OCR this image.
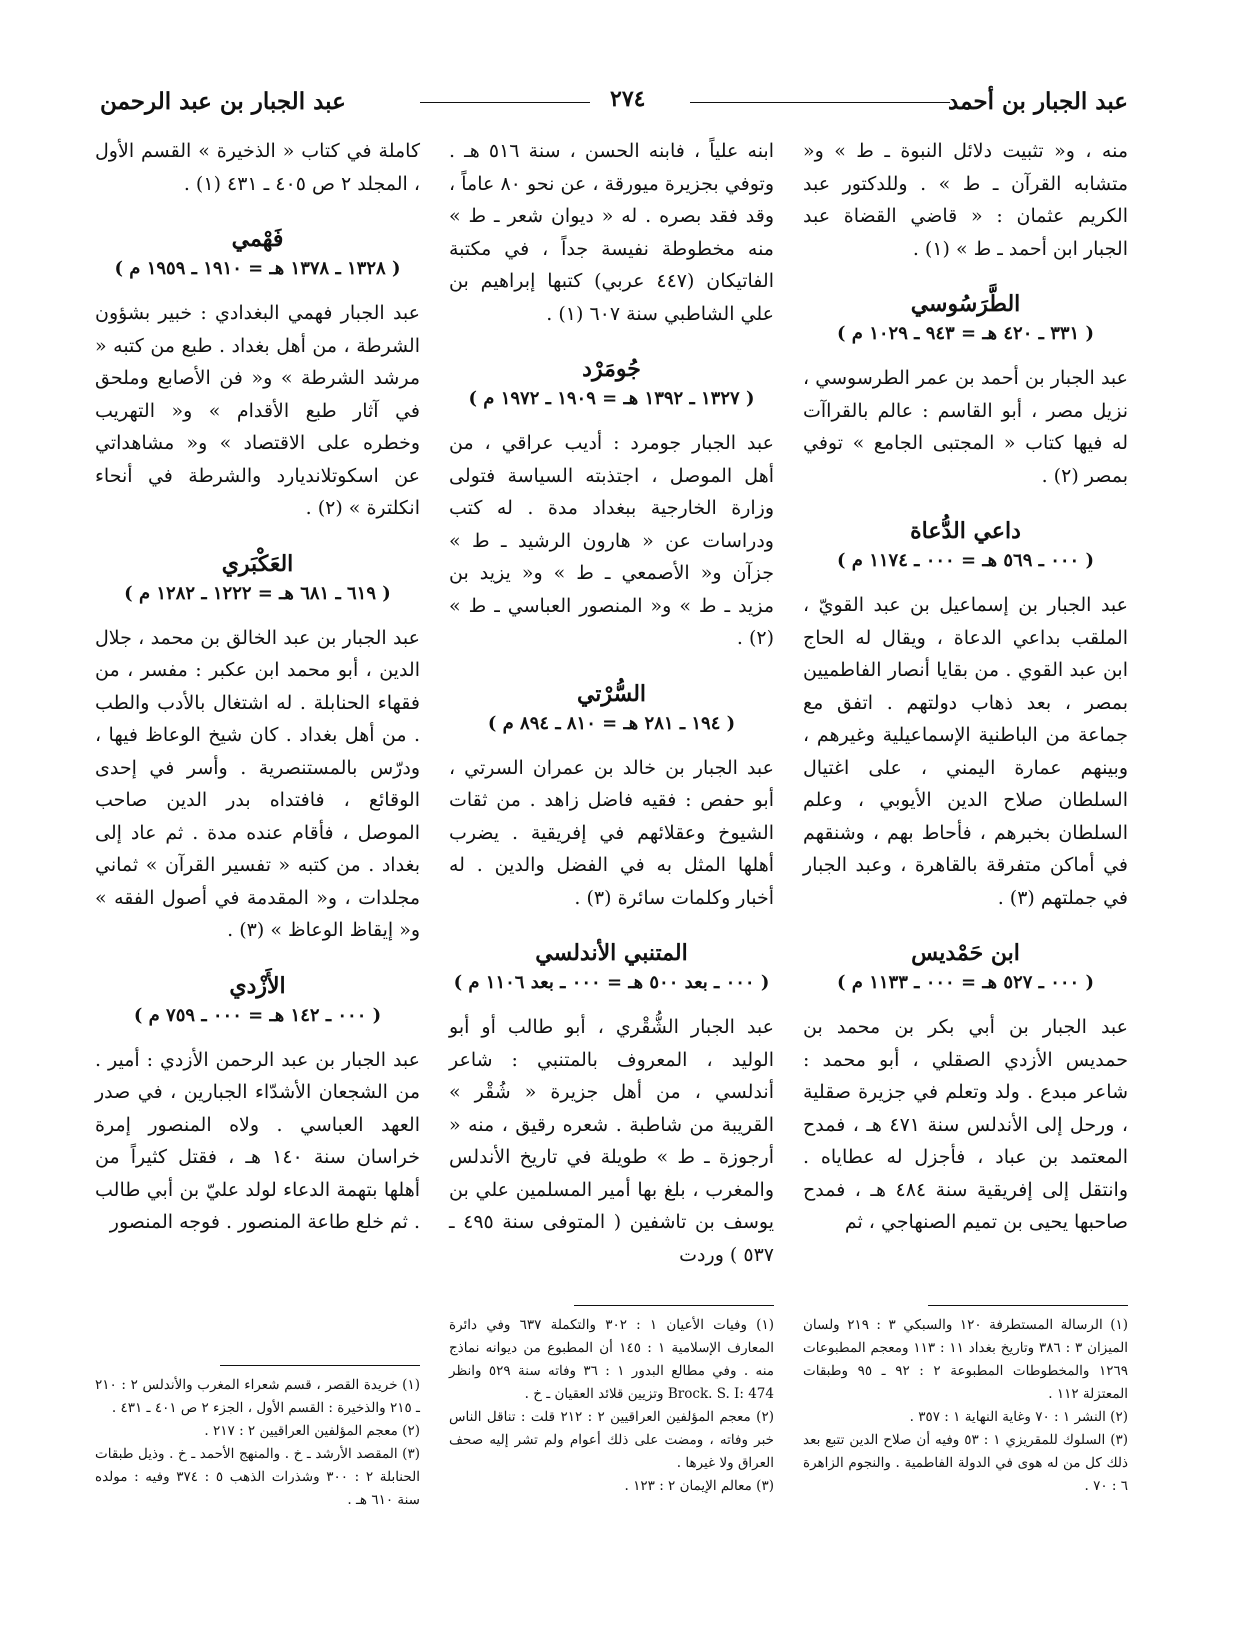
عبد الجبار بن أحمد
٢٧٤
عبد الجبار بن عبد الرحمن

منه ، و« تثبيت دلائل النبوة ـ ط » و« متشابه القرآن ـ ط » . وللدكتور عبد الكريم عثمان : « قاضي القضاة عبد الجبار ابن أحمد ـ ط » (١) .

الطَّرَسُوسي
( ٣٣١ ـ ٤٢٠ هـ = ٩٤٣ ـ ١٠٢٩ م )

عبد الجبار بن أحمد بن عمر الطرسوسي ، نزيل مصر ، أبو القاسم : عالم بالقراآت له فيها كتاب « المجتبى الجامع » توفي بمصر (٢) .

داعي الدُّعاة
( ٠٠٠ ـ ٥٦٩ هـ = ٠٠٠ ـ ١١٧٤ م )

عبد الجبار بن إسماعيل بن عبد القويّ ، الملقب بداعي الدعاة ، ويقال له الحاج ابن عبد القوي . من بقايا أنصار الفاطميين بمصر ، بعد ذهاب دولتهم . اتفق مع جماعة من الباطنية الإسماعيلية وغيرهم ، وبينهم عمارة اليمني ، على اغتيال السلطان صلاح الدين الأيوبي ، وعلم السلطان بخبرهم ، فأحاط بهم ، وشنقهم في أماكن متفرقة بالقاهرة ، وعبد الجبار في جملتهم (٣) .

ابن حَمْديس
( ٠٠٠ ـ ٥٢٧ هـ = ٠٠٠ ـ ١١٣٣ م )

عبد الجبار بن أبي بكر بن محمد بن حمديس الأزدي الصقلي ، أبو محمد : شاعر مبدع . ولد وتعلم في جزيرة صقلية ، ورحل إلى الأندلس سنة ٤٧١ هـ ، فمدح المعتمد بن عباد ، فأجزل له عطاياه . وانتقل إلى إفريقية سنة ٤٨٤ هـ ، فمدح صاحبها يحيى بن تميم الصنهاجي ، ثم

ابنه علياً ، فابنه الحسن ، سنة ٥١٦ هـ . وتوفي بجزيرة ميورقة ، عن نحو ٨٠ عاماً ، وقد فقد بصره . له « ديوان شعر ـ ط » منه مخطوطة نفيسة جداً ، في مكتبة الفاتيكان (٤٤٧ عربي) كتبها إبراهيم بن علي الشاطبي سنة ٦٠٧ (١) .

جُومَرْد
( ١٣٢٧ ـ ١٣٩٢ هـ = ١٩٠٩ ـ ١٩٧٢ م )

عبد الجبار جومرد : أديب عراقي ، من أهل الموصل ، اجتذبته السياسة فتولى وزارة الخارجية ببغداد مدة . له كتب ودراسات عن « هارون الرشيد ـ ط » جزآن و« الأصمعي ـ ط » و« يزيد بن مزيد ـ ط » و« المنصور العباسي ـ ط » (٢) .

السُّرْتي
( ١٩٤ ـ ٢٨١ هـ = ٨١٠ ـ ٨٩٤ م )

عبد الجبار بن خالد بن عمران السرتي ، أبو حفص : فقيه فاضل زاهد . من ثقات الشيوخ وعقلائهم في إفريقية . يضرب أهلها المثل به في الفضل والدين . له أخبار وكلمات سائرة (٣) .

المتنبي الأندلسي
( ٠٠٠ ـ بعد ٥٠٠ هـ = ٠٠٠ ـ بعد ١١٠٦ م )

عبد الجبار الشُّقْري ، أبو طالب أو أبو الوليد ، المعروف بالمتنبي : شاعر أندلسي ، من أهل جزيرة « شُقْر » القريبة من شاطبة . شعره رقيق ، منه « أرجوزة ـ ط » طويلة في تاريخ الأندلس والمغرب ، بلغ بها أمير المسلمين علي بن يوسف بن تاشفين ( المتوفى سنة ٤٩٥ ـ ٥٣٧ ) وردت

كاملة في كتاب « الذخيرة » القسم الأول ، المجلد ٢ ص ٤٠٥ ـ ٤٣١ (١) .

فَهْمي
( ١٣٢٨ ـ ١٣٧٨ هـ = ١٩١٠ ـ ١٩٥٩ م )

عبد الجبار فهمي البغدادي : خبير بشؤون الشرطة ، من أهل بغداد . طبع من كتبه « مرشد الشرطة » و« فن الأصابع وملحق في آثار طبع الأقدام » و« التهريب وخطره على الاقتصاد » و« مشاهداتي عن اسكوتلانديارد والشرطة في أنحاء انكلترة » (٢) .

العَكْبَري
( ٦١٩ ـ ٦٨١ هـ = ١٢٢٢ ـ ١٢٨٢ م )

عبد الجبار بن عبد الخالق بن محمد ، جلال الدين ، أبو محمد ابن عكبر : مفسر ، من فقهاء الحنابلة . له اشتغال بالأدب والطب . من أهل بغداد . كان شيخ الوعاظ فيها ، ودرّس بالمستنصرية . وأسر في إحدى الوقائع ، فافتداه بدر الدين صاحب الموصل ، فأقام عنده مدة . ثم عاد إلى بغداد . من كتبه « تفسير القرآن » ثماني مجلدات ، و« المقدمة في أصول الفقه » و« إيقاظ الوعاظ » (٣) .

الأَزْدي
( ٠٠٠ ـ ١٤٢ هـ = ٠٠٠ ـ ٧٥٩ م )

عبد الجبار بن عبد الرحمن الأزدي : أمير . من الشجعان الأشدّاء الجبارين ، في صدر العهد العباسي . ولاه المنصور إمرة خراسان سنة ١٤٠ هـ ، فقتل كثيراً من أهلها بتهمة الدعاء لولد عليّ بن أبي طالب . ثم خلع طاعة المنصور . فوجه المنصور

(١) الرسالة المستطرفة ١٢٠ والسبكي ٣ : ٢١٩ ولسان الميزان ٣ : ٣٨٦ وتاريخ بغداد ١١ : ١١٣ ومعجم المطبوعات ١٢٦٩ والمخطوطات المطبوعة ٢ : ٩٢ ـ ٩٥ وطبقات المعتزلة ١١٢ .

(٢) النشر ١ : ٧٠ وغاية النهاية ١ : ٣٥٧ .

(٣) السلوك للمقريزي ١ : ٥٣ وفيه أن صلاح الدين تتبع بعد ذلك كل من له هوى في الدولة الفاطمية . والنجوم الزاهرة ٦ : ٧٠ .

(١) وفيات الأعيان ١ : ٣٠٢ والتكملة ٦٣٧ وفي دائرة المعارف الإسلامية ١ : ١٤٥ أن المطبوع من ديوانه نماذج منه . وفي مطالع البدور ١ : ٣٦ وفاته سنة ٥٢٩ وانظر Brock. S. I: 474 وتزيين قلائد العقيان ـ خ .

(٢) معجم المؤلفين العراقيين ٢ : ٢١٢ قلت : تناقل الناس خبر وفاته ، ومضت على ذلك أعوام ولم تشر إليه صحف العراق ولا غيرها .

(٣) معالم الإيمان ٢ : ١٢٣ .

(١) خريدة القصر ، قسم شعراء المغرب والأندلس ٢ : ٢١٠ ـ ٢١٥ والذخيرة : القسم الأول ، الجزء ٢ ص ٤٠١ ـ ٤٣١ .

(٢) معجم المؤلفين العراقيين ٢ : ٢١٧ .

(٣) المقصد الأرشد ـ خ . والمنهج الأحمد ـ خ . وذيل طبقات الحنابلة ٢ : ٣٠٠ وشذرات الذهب ٥ : ٣٧٤ وفيه : مولده سنة ٦١٠ هـ .
